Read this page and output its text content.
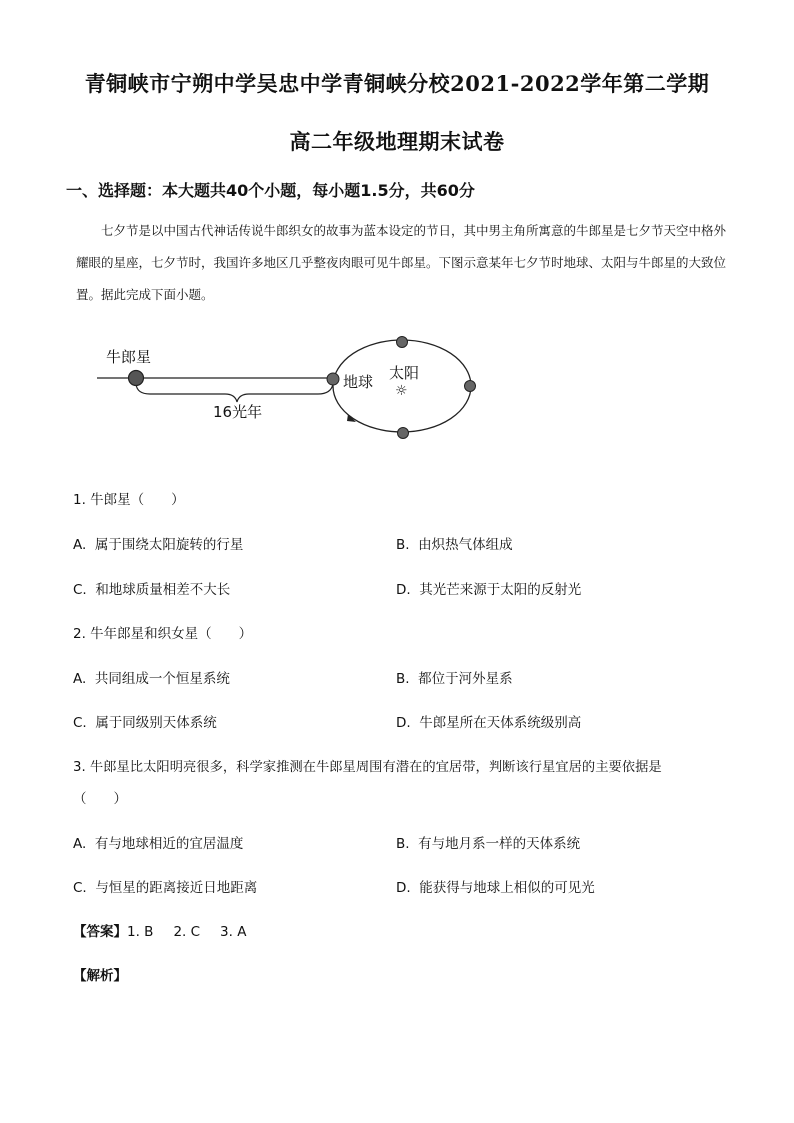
青铜峡市宁朔中学吴忠中学青铜峡分校2021-2022学年第二学期
高二年级地理期末试卷
一、选择题：本大题共40个小题，每小题1.5分，共60分
七夕节是以中国古代神话传说牛郎织女的故事为蓝本设定的节日，其中男主角所寓意的牛郎星是七夕节天空中格外耀眼的星座，七夕节时，我国许多地区几乎整夜肉眼可见牛郎星。下图示意某年七夕节时地球、太阳与牛郎星的大致位置。据此完成下面小题。
牛郎星
16光年
地球 太阳
☼
1. 牛郎星（　　）
A. 属于围绕太阳旋转的行星	B. 由炽热气体组成
C. 和地球质量相差不大长	D. 其光芒来源于太阳的反射光
2. 牛年郎星和织女星（　　）
A. 共同组成一个恒星系统	B. 都位于河外星系
C. 属于同级别天体系统	D. 牛郎星所在天体系统级别高
3. 牛郎星比太阳明亮很多，科学家推测在牛郎星周围有潜在的宜居带，判断该行星宜居的主要依据是
（　　）
A. 有与地球相近的宜居温度	B. 有与地月系一样的天体系统
C. 与恒星的距离接近日地距离	D. 能获得与地球上相似的可见光
【答案】1. B 2. C 3. A
【解析】
